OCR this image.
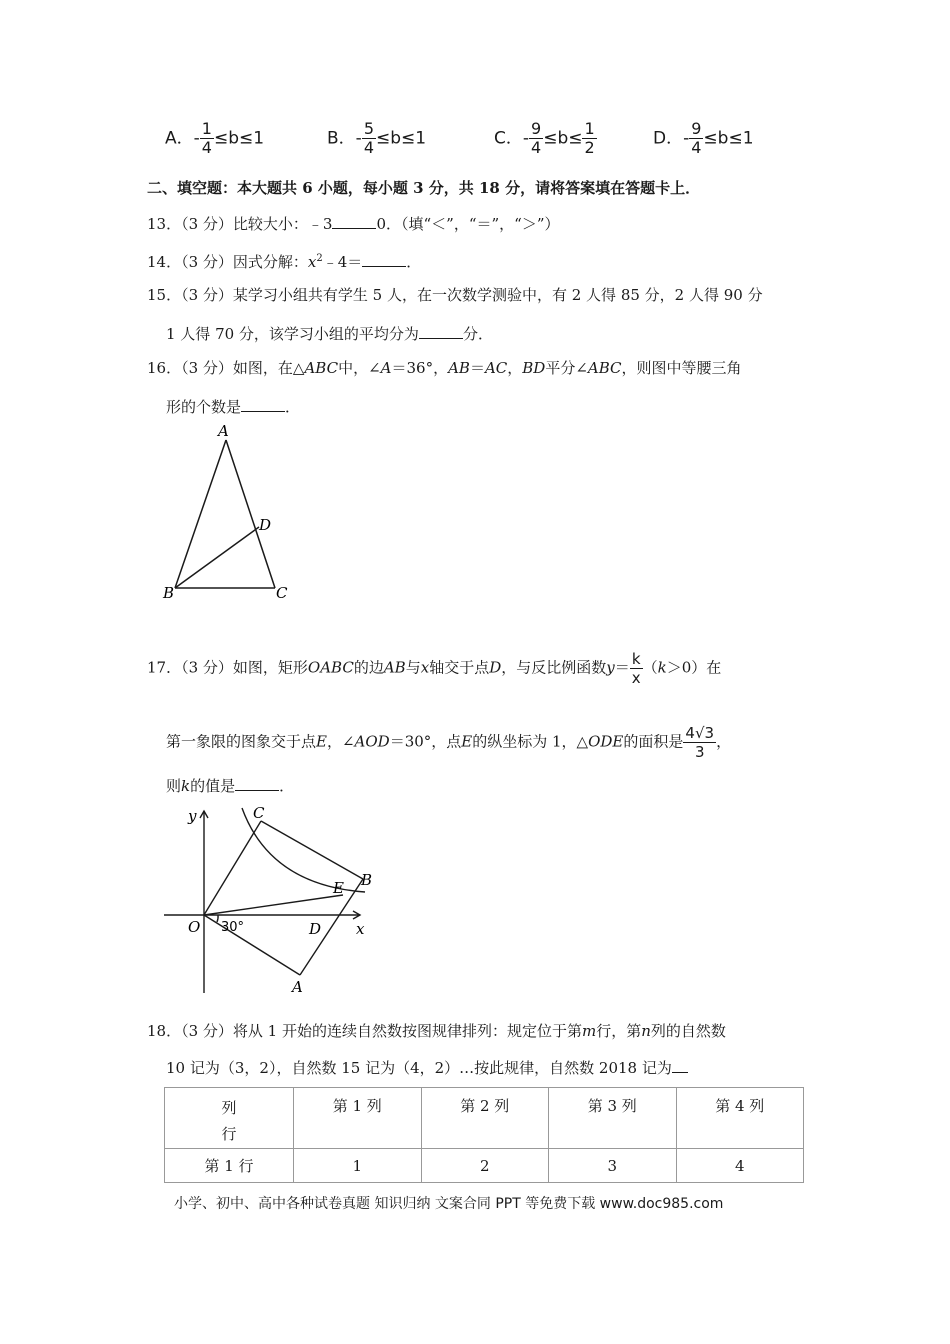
A．- $\frac{1}{4} \le b\le 1$	B．- $\frac{5}{4} \le b\le 1$	C．- $\frac{9}{4} \le b\le \frac{1}{2}$	D．- $\frac{9}{4} \le b\le 1$
二、填空题：本大题共 6 小题，每小题 3 分，共 18 分，请将答案填在答题卡上．
13．（3 分）比较大小：﹣3	0．（填“＜”，“＝”，“＞”）
14．（3 分）因式分解：$x^2﹣4=$	．
15．（3 分）某学习小组共有学生 5 人，在一次数学测验中，有 2 人得 85 分，2 人得 90 分
1 人得 70 分，该学习小组的平均分为	分．
16．（3 分）如图，在△ABC中，∠A＝36°，AB＝AC，BD平分∠ABC，则图中等腰三角
形的个数是	．
A
B	C
D
17．（3 分）如图，矩形OABC的边AB与x轴交于点D，与反比例函数$y= \frac{k}{x} (k>0)$在
第一象限的图象交于点E，∠AOD＝30°，点E的纵坐标为 1，△ODE的面积是 $\frac{4√3}{3}$ ，
则k的值是	．
y
x
O
C
B
E
D
A
30°
18．（3 分）将从 1 开始的连续自然数按图规律排列：规定位于第m行，第n列的自然数
10 记为（3，2），自然数 15 记为（4，2）…按此规律，自然数 2018 记为
列
行	第 1 列	第 2 列	第 3 列	第 4 列
第 1 行	1	2	3	4
小学、初中、高中各种试卷真题 知识归纳 文案合同 PPT 等免费下载 www.doc985.com
